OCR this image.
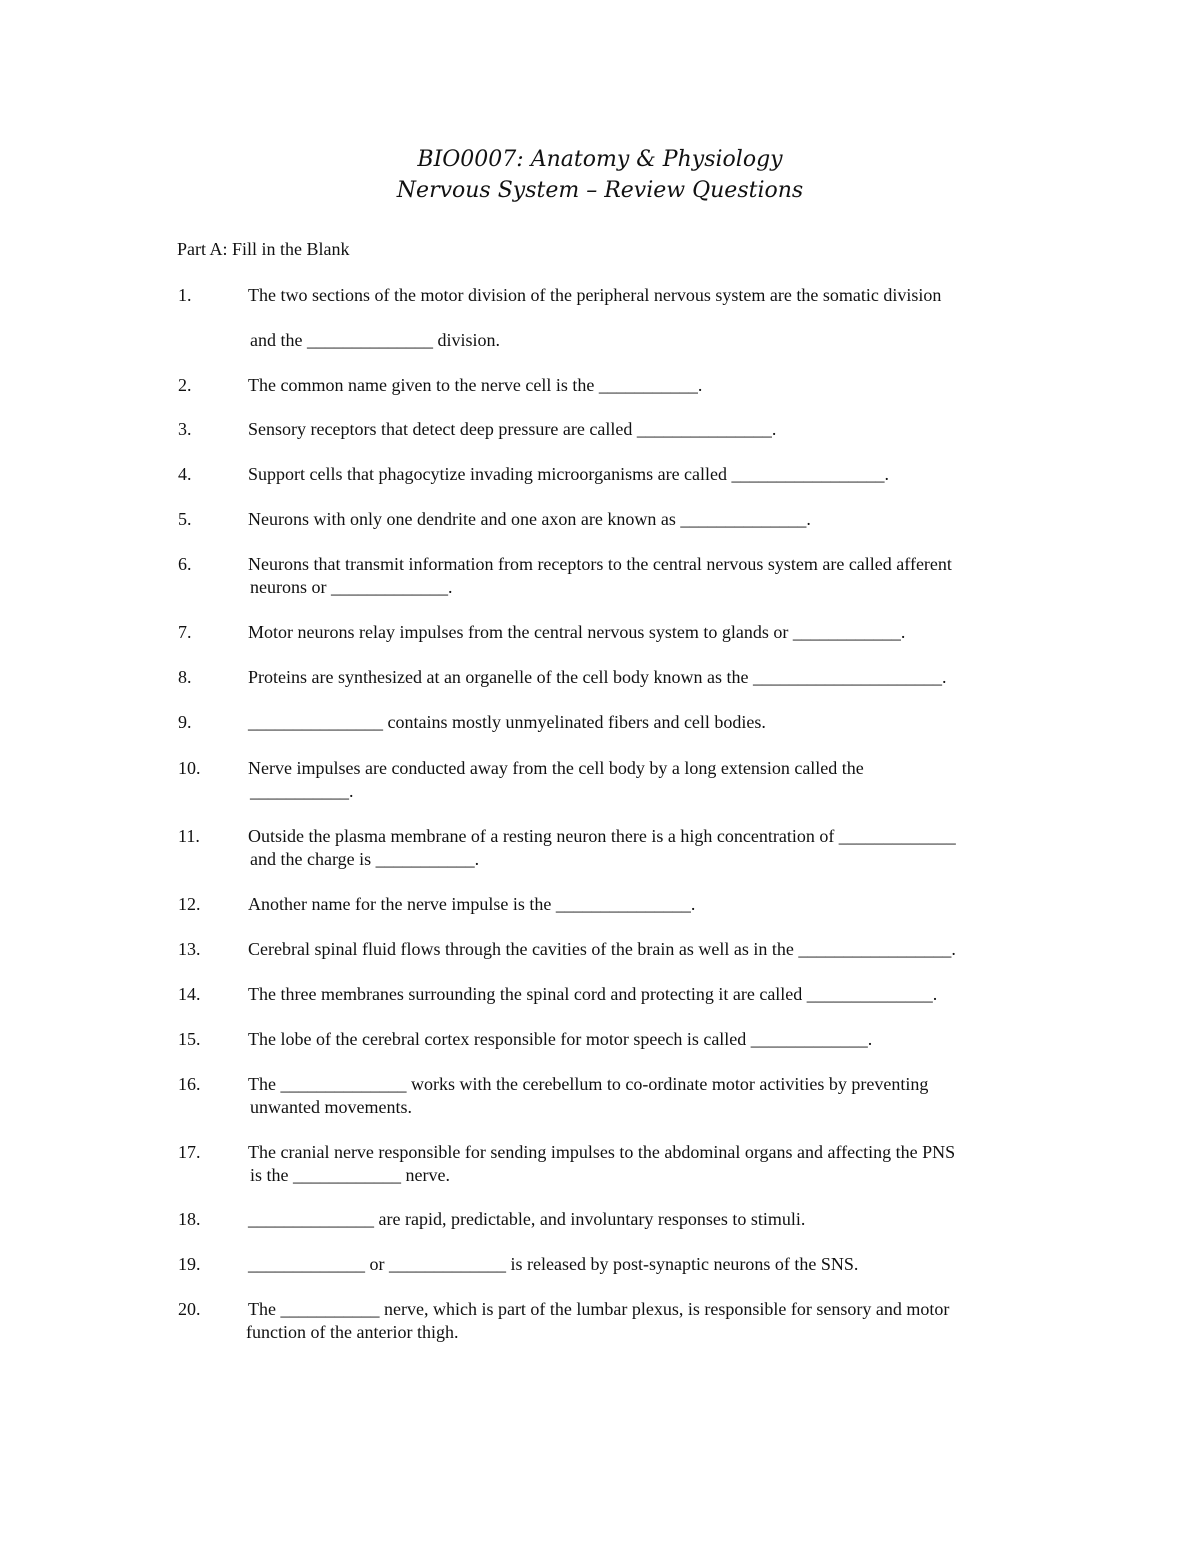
BIO0007: Anatomy & Physiology
Nervous System – Review Questions
Part A: Fill in the Blank
1.	The two sections of the motor division of the peripheral nervous system are the somatic division
and the ______________ division.
2.	The common name given to the nerve cell is the ___________.
3.	Sensory receptors that detect deep pressure are called _______________.
4.	Support cells that phagocytize invading microorganisms are called _________________.
5.	Neurons with only one dendrite and one axon are known as ______________.
6.	Neurons that transmit information from receptors to the central nervous system are called afferent
neurons or _____________.
7.	Motor neurons relay impulses from the central nervous system to glands or ____________.
8.	Proteins are synthesized at an organelle of the cell body known as the _____________________.
9.	_______________ contains mostly unmyelinated fibers and cell bodies.
10.	Nerve impulses are conducted away from the cell body by a long extension called the
___________.
11.	Outside the plasma membrane of a resting neuron there is a high concentration of _____________
and the charge is ___________.
12.	Another name for the nerve impulse is the _______________.
13.	Cerebral spinal fluid flows through the cavities of the brain as well as in the _________________.
14.	The three membranes surrounding the spinal cord and protecting it are called ______________.
15.	The lobe of the cerebral cortex responsible for motor speech is called _____________.
16.	The ______________ works with the cerebellum to co-ordinate motor activities by preventing
unwanted movements.
17.	The cranial nerve responsible for sending impulses to the abdominal organs and affecting the PNS
is the ____________ nerve.
18.	______________ are rapid, predictable, and involuntary responses to stimuli.
19.	_____________ or _____________ is released by post-synaptic neurons of the SNS.
20.	The ___________ nerve, which is part of the lumbar plexus, is responsible for sensory and motor
function of the anterior thigh.
